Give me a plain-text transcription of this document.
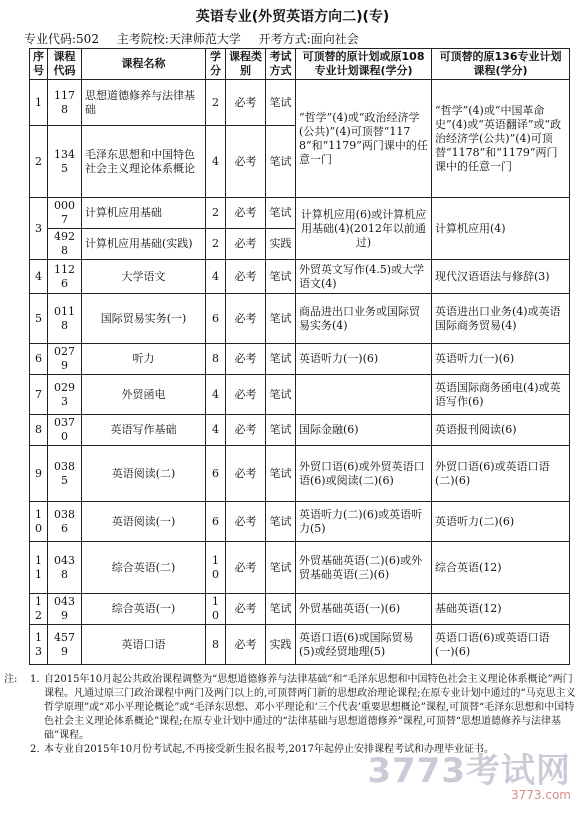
英语专业(外贸英语方向二)(专)
专业代码:502 主考院校:天津师范大学 开考方式:面向社会
序号	课程代码	课程名称	学分	课程类别	考试方式	可顶替的原计划或原108专业计划课程(学分)	可顶替的原136专业计划课程(学分)
1	1178	思想道德修养与法律基础	2	必考	笔试	“哲学”(4)或“政治经济学(公共)”(4)可顶替“1178”和“1179”两门课中的任意一门	“哲学”(4)或“中国革命史”(4)或“英语翻译”或“政治经济学(公共)”(4)可顶替“1178”和“1179”两门课中的任意一门
2	1345	毛泽东思想和中国特色社会主义理论体系概论	4	必考	笔试		
3	0007	计算机应用基础	2	必考	笔试	计算机应用(6)或计算机应用基础(4)(2012年以前通过)	计算机应用(4)
	4928	计算机应用基础(实践)	2	必考	实践		
4	1126	大学语文	4	必考	笔试	外贸英文写作(4.5)或大学语文(4)	现代汉语语法与修辞(3)
5	0118	国际贸易实务(一)	6	必考	笔试	商品进出口业务或国际贸易实务(4)	英语进出口业务(4)或英语国际商务贸易(4)
6	0279	听力	8	必考	笔试	英语听力(一)(6)	英语听力(一)(6)
7	0293	外贸函电	4	必考	笔试		英语国际商务函电(4)或英语写作(6)
8	0370	英语写作基础	4	必考	笔试	国际金融(6)	英语报刊阅读(6)
9	0385	英语阅读(二)	6	必考	笔试	外贸口语(6)或外贸英语口语(6)或阅读(二)(6)	外贸口语(6)或英语口语(二)(6)
10	0386	英语阅读(一)	6	必考	笔试	英语听力(二)(6)或英语听力(5)	英语听力(二)(6)
11	0438	综合英语(二)	10	必考	笔试	外贸基础英语(二)(6)或外贸基础英语(三)(6)	综合英语(12)
12	0439	综合英语(一)	10	必考	笔试	外贸基础英语(一)(6)	基础英语(12)
13	4579	英语口语	8	必考	实践	英语口语(6)或国际贸易(5)或经贸地理(5)	英语口语(6)或英语口语(一)(6)
注:	1. 自2015年10月起公共政治课程调整为“思想道德修养与法律基础”和“毛泽东思想和中国特色社会主义理论体系概论”两门课程。凡通过原三门政治课程中两门及两门以上的,可顶替两门新的思想政治理论课程;在原专业计划中通过的“马克思主义哲学原理”或“邓小平理论概论”或“毛泽东思想、邓小平理论和‘三个代表’重要思想概论”课程,可顶替“毛泽东思想和中国特色社会主义理论体系概论”课程;在原专业计划中通过的“法律基础与思想道德修养”课程,可顶替“思想道德修养与法律基础”课程。
2. 本专业自2015年10月份考试起,不再接受新生报名报考,2017年起停止安排课程考试和办理毕业证书。
3773考试网
3773.com
